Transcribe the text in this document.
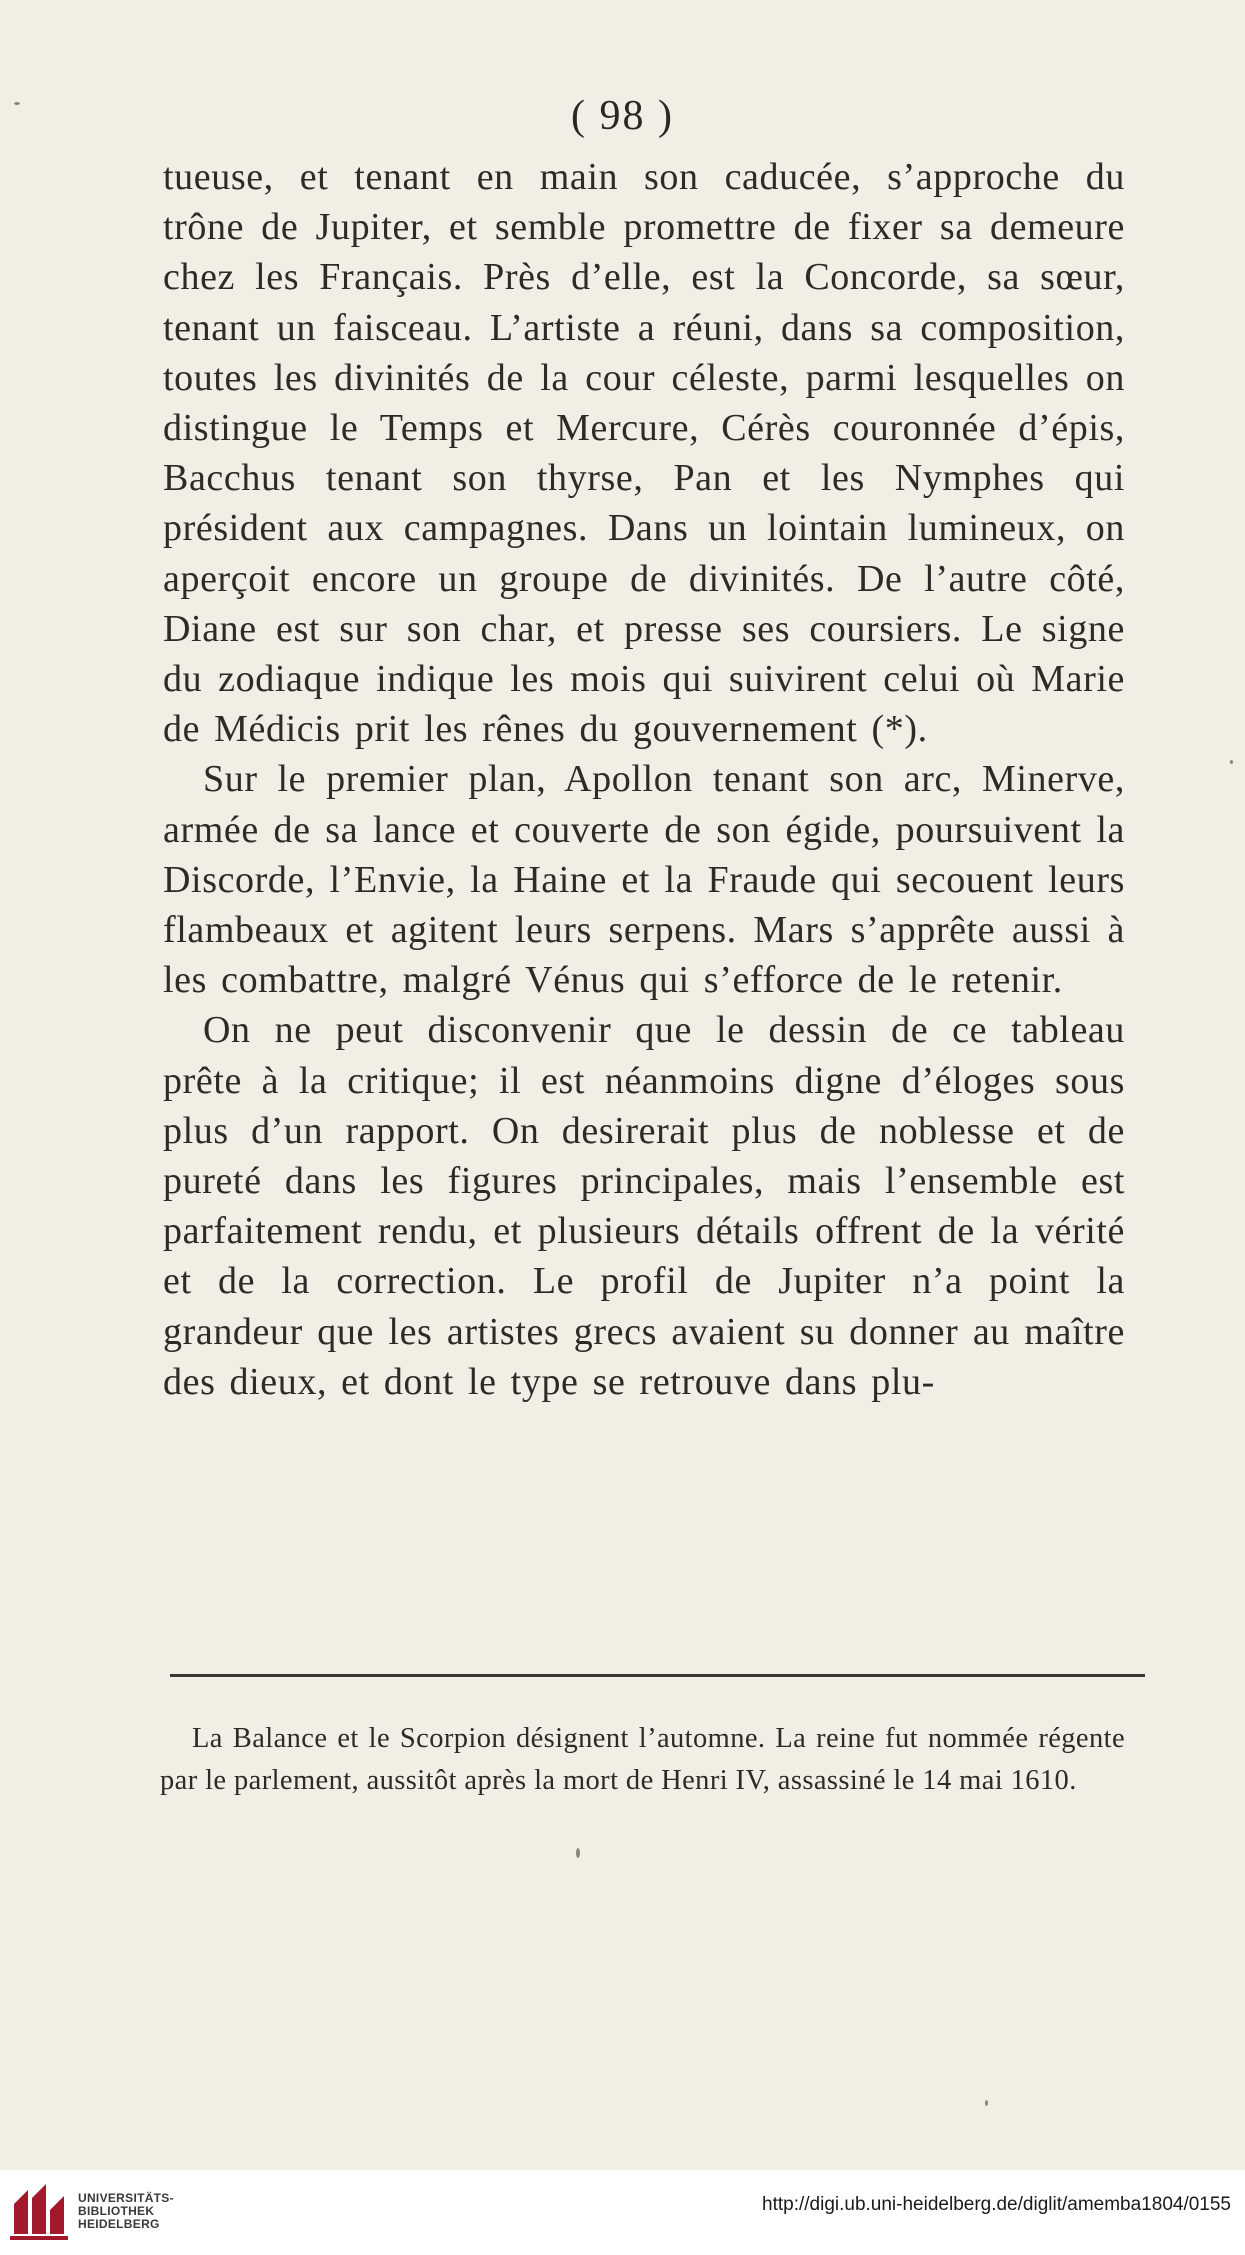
( 98 )

tueuse, et tenant en main son caducée, s’approche du trône de Jupiter, et semble promettre de fixer sa demeure chez les Français. Près d’elle, est la Concorde, sa sœur, tenant un faisceau. L’artiste a réuni, dans sa composition, toutes les divinités de la cour céleste, parmi lesquelles on distingue le Temps et Mercure, Cérès couronnée d’épis, Bacchus tenant son thyrse, Pan et les Nymphes qui président aux campagnes. Dans un lointain lumineux, on aperçoit encore un groupe de divinités. De l’autre côté, Diane est sur son char, et presse ses coursiers. Le signe du zodiaque indique les mois qui suivirent celui où Marie de Médicis prit les rênes du gouvernement (*).

Sur le premier plan, Apollon tenant son arc, Minerve, armée de sa lance et couverte de son égide, poursuivent la Discorde, l’Envie, la Haine et la Fraude qui secouent leurs flambeaux et agitent leurs serpens. Mars s’apprête aussi à les combattre, malgré Vénus qui s’efforce de le retenir.

On ne peut disconvenir que le dessin de ce tableau prête à la critique; il est néanmoins digne d’éloges sous plus d’un rapport. On desirerait plus de noblesse et de pureté dans les figures principales, mais l’ensemble est parfaitement rendu, et plusieurs détails offrent de la vérité et de la correction. Le profil de Jupiter n’a point la grandeur que les artistes grecs avaient su donner au maître des dieux, et dont le type se retrouve dans plu-

La Balance et le Scorpion désignent l’automne. La reine fut nommée régente par le parlement, aussitôt après la mort de Henri IV, assassiné le 14 mai 1610.

UNIVERSITÄTS-
BIBLIOTHEK
HEIDELBERG
http://digi.ub.uni-heidelberg.de/diglit/amemba1804/0155
